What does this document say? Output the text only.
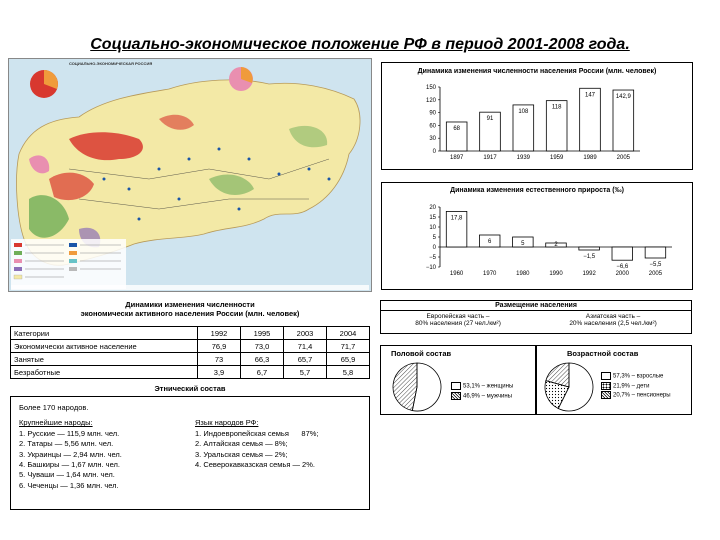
Социально-экономическое положение РФ в период 2001-2008 года.
СОЦИАЛЬНО-ЭКОНОМИЧЕСКАЯ РОССИЯ
Динамика изменения численности населения России (млн. человек)
0
30
60
90
120
150
68
1897
91
1917
108
1939
118
1959
147
1989
142,9
2005
Динамика изменения естественного прироста (‰)
20
15
10
5
0
−5
−10
17,8
1960
6
1970
5
1980
2
1990
−1,5
1992
−6,6
2000
−5,5
2005
Динамики изменения численности
экономически активного населения России (млн. человек)
Категории	1992	1995	2003	2004
Экономически активное население	76,9	73,0	71,4	71,7
Занятые	73	66,3	65,7	65,9
Безработные	3,9	6,7	5,7	5,8
Этнический состав

Более 170 народов.

Крупнейшие народы:

1. Русские — 115,9 млн. чел.

2. Татары — 5,56 млн. чел.

3. Украинцы — 2,94 млн. чел.

4. Башкиры — 1,67 млн. чел.

5. Чуваши — 1,64 млн. чел.

6. Чеченцы — 1,36 млн. чел.

Язык народов РФ:

1. Индоевропейская семья      87%;

2. Алтайская семья — 8%;

3. Уральская семья — 2%;

4. Северокавказская семья — 2%.

Размещение населения
Европейская часть –
80% населения (27 чел./км²)
Азиатская часть –
20% населения (2,5 чел./км²)
Половой состав
53,1% – женщины
46,9% – мужчины
Возрастной состав
57,3% – взрослые
21,9% – дети
20,7% – пенсионеры
